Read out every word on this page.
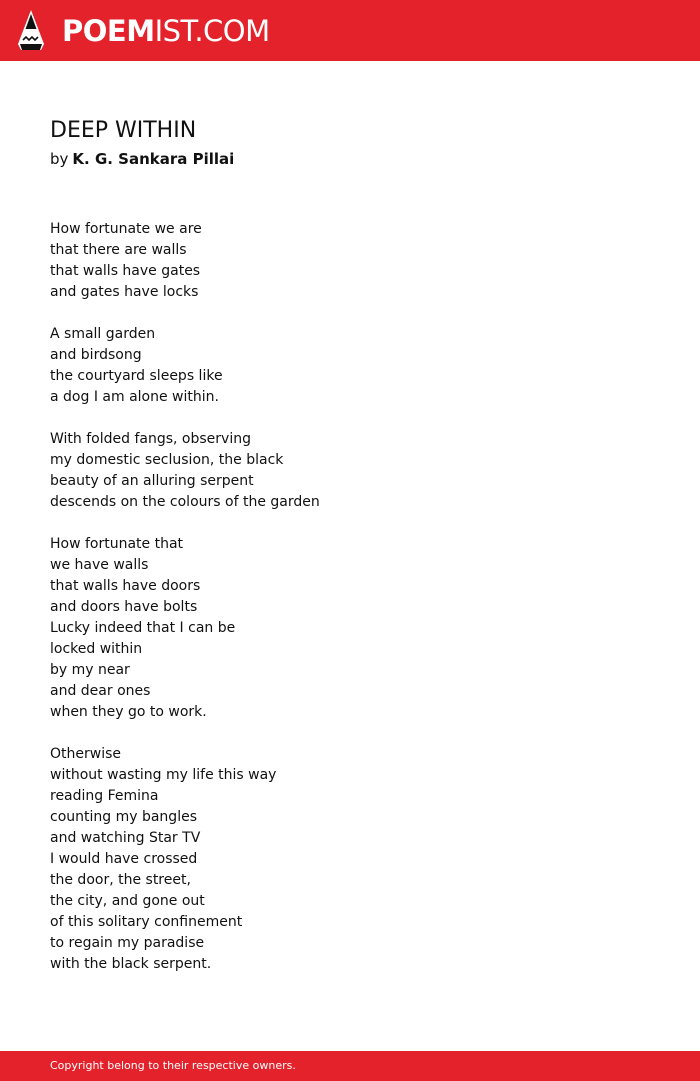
POEMIST.COM
DEEP WITHIN
by K. G. Sankara Pillai
How fortunate we are
that there are walls
that walls have gates
and gates have locks
A small garden
and birdsong
the courtyard sleeps like
a dog I am alone within.
With folded fangs, observing
my domestic seclusion, the black
beauty of an alluring serpent
descends on the colours of the garden
How fortunate that
we have walls
that walls have doors
and doors have bolts
Lucky indeed that I can be
locked within
by my near
and dear ones
when they go to work.
Otherwise
without wasting my life this way
reading Femina
counting my bangles
and watching Star TV
I would have crossed
the door, the street,
the city, and gone out
of this solitary confinement
to regain my paradise
with the black serpent.
Copyright belong to their respective owners.
